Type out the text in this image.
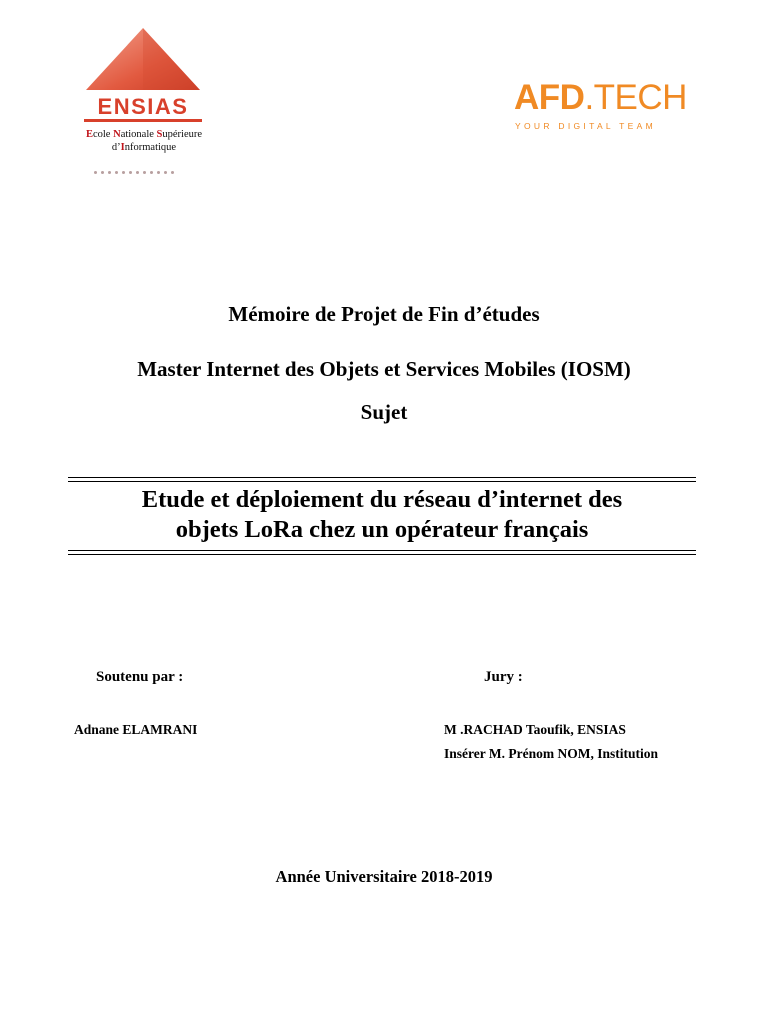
ENSIAS
Ecole Nationale Supérieure
d’Informatique
AFD.TECH
YOUR DIGITAL TEAM
Mémoire de Projet de Fin d’études
Master Internet des Objets et Services Mobiles (IOSM)
Sujet
Etude et déploiement du réseau d’internet des
objets LoRa chez un opérateur français
Soutenu par :	Jury :
Adnane ELAMRANI	M .RACHAD Taoufik, ENSIAS
Insérer M. Prénom NOM, Institution
Année Universitaire 2018-2019
